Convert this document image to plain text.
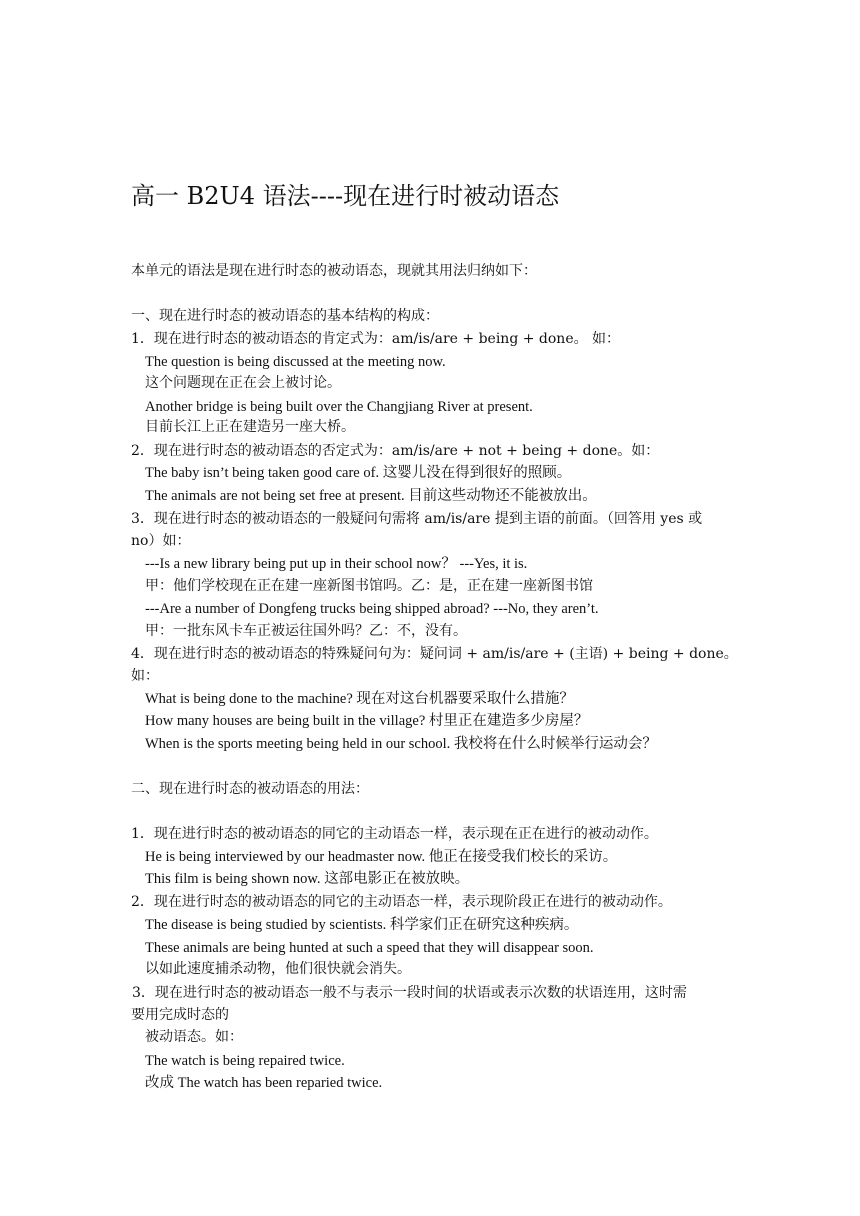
高一 B2U4 语法----现在进行时被动语态
本单元的语法是现在进行时态的被动语态，现就其用法归纳如下：
一、现在进行时态的被动语态的基本结构的构成：
1．现在进行时态的被动语态的肯定式为：am/is/are + being + done。 如：
The question is being discussed at the meeting now.
这个问题现在正在会上被讨论。
Another bridge is being built over the Changjiang River at present.
目前长江上正在建造另一座大桥。
2．现在进行时态的被动语态的否定式为：am/is/are + not + being + done。如：
The baby isn’t being taken good care of. 这婴儿没在得到很好的照顾。
The animals are not being set free at present. 目前这些动物还不能被放出。
3．现在进行时态的被动语态的一般疑问句需将 am/is/are 提到主语的前面。（回答用 yes 或
no）如：
---Is a new library being put up in their school now？ ---Yes, it is.
甲：他们学校现在正在建一座新图书馆吗。乙：是，正在建一座新图书馆
---Are a number of Dongfeng trucks being shipped abroad? ---No, they aren’t.
甲：一批东风卡车正被运往国外吗？乙：不，没有。
4．现在进行时态的被动语态的特殊疑问句为：疑问词 + am/is/are + (主语) + being + done。
如：
What is being done to the machine? 现在对这台机器要采取什么措施？
How many houses are being built in the village? 村里正在建造多少房屋？
When is the sports meeting being held in our school. 我校将在什么时候举行运动会？
二、现在进行时态的被动语态的用法：
1．现在进行时态的被动语态的同它的主动语态一样，表示现在正在进行的被动动作。
He is being interviewed by our headmaster now. 他正在接受我们校长的采访。
This film is being shown now. 这部电影正在被放映。
2．现在进行时态的被动语态的同它的主动语态一样，表示现阶段正在进行的被动动作。
The disease is being studied by scientists. 科学家们正在研究这种疾病。
These animals are being hunted at such a speed that they will disappear soon.
以如此速度捕杀动物，他们很快就会消失。
3．现在进行时态的被动语态一般不与表示一段时间的状语或表示次数的状语连用，这时需
要用完成时态的
被动语态。如：
The watch is being repaired twice.
改成 The watch has been reparied twice.
